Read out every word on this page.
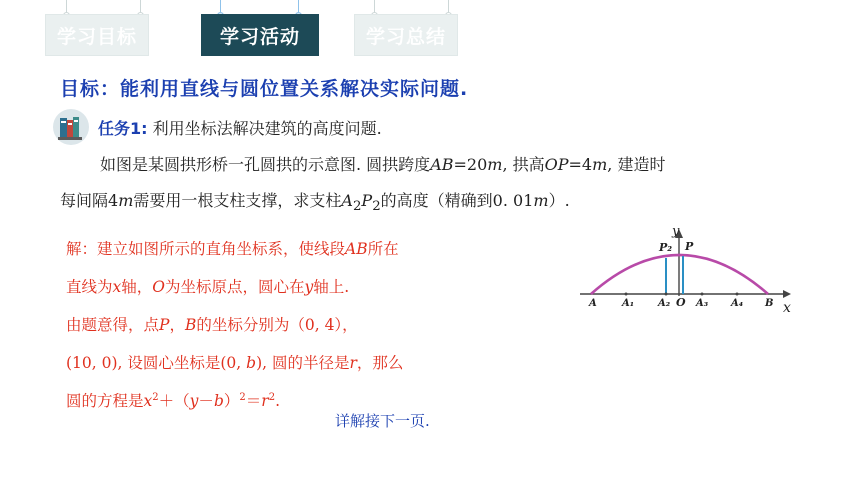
学习目标	学习活动	学习总结
目标：能利用直线与圆位置关系解决实际问题.
任务1: 利用坐标法解决建筑的高度问题.
如图是某圆拱形桥一孔圆拱的示意图. 圆拱跨度AB=20m, 拱高OP=4m, 建造时
每间隔4m需要用一根支柱支撑，求支柱$A_2P_2$的高度（精确到0. 01m）.
解：建立如图所示的直角坐标系，使线段AB所在
直线为x轴，O为坐标原点，圆心在y轴上.
由题意得，点P，B的坐标分别为（0, 4），
(10, 0), 设圆心坐标是(0, b), 圆的半径是r，那么
圆的方程是$x^2+(y-b)^2=r^2$.
详解接下一页.
y
P₂ P
A	A₁ A₂ O A₃ A₄ B x
